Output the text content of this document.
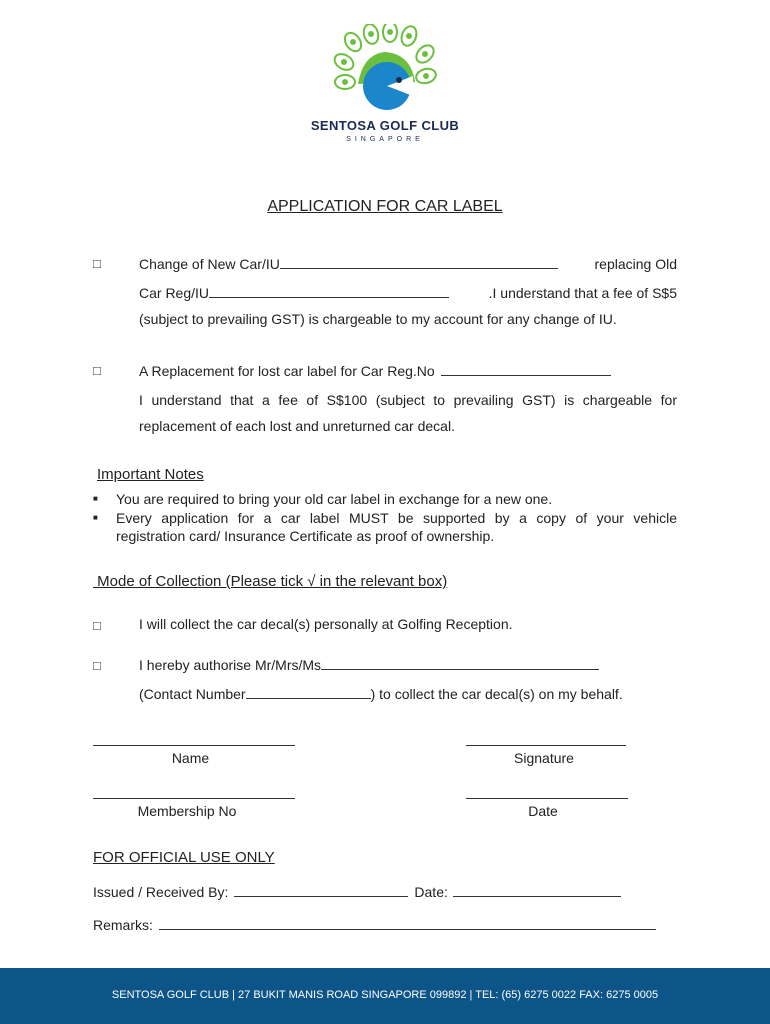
SENTOSA GOLF CLUB
SINGAPORE
APPLICATION FOR CAR LABEL
□	Change of New Car/IU	replacing Old
Car Reg/IU	.I understand that a fee of S$5
(subject to prevailing GST) is chargeable to my account for any change of IU.
□	A Replacement for lost car label for Car Reg.No
I understand that a fee of S$100 (subject to prevailing GST) is chargeable for
replacement of each lost and unreturned car decal.
Important Notes
■ You are required to bring your old car label in exchange for a new one.
■ Every application for a car label MUST be supported by a copy of your vehicle
registration card/ Insurance Certificate as proof of ownership.
Mode of Collection (Please tick √ in the relevant box)
□	I will collect the car decal(s) personally at Golfing Reception.
□	I hereby authorise Mr/Mrs/Ms
(Contact Number	) to collect the car decal(s) on my behalf.
Name	Signature
Membership No	Date
FOR OFFICIAL USE ONLY
Issued / Received By:	Date:
Remarks:
SENTOSA GOLF CLUB | 27 BUKIT MANIS ROAD SINGAPORE 099892 | TEL: (65) 6275 0022 FAX: 6275 0005
